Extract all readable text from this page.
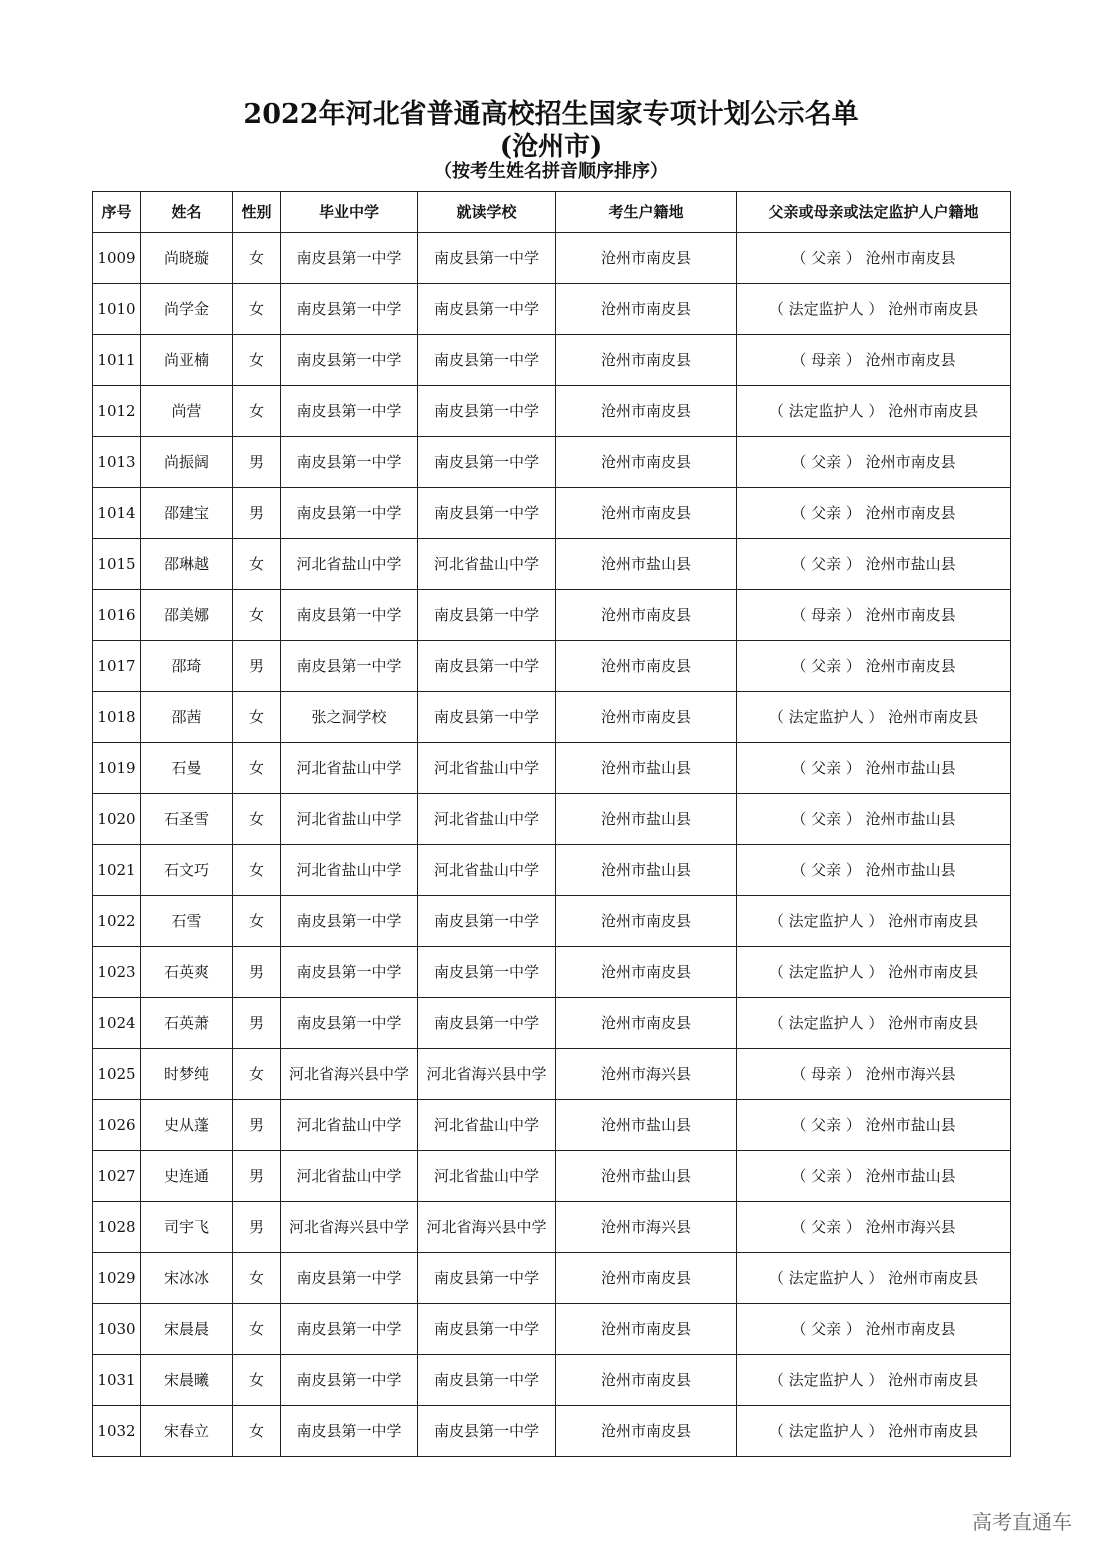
2022年河北省普通高校招生国家专项计划公示名单
(沧州市)
（按考生姓名拼音顺序排序）
序号	姓名	性别	毕业中学	就读学校	考生户籍地	父亲或母亲或法定监护人户籍地
1009	尚晓璇	女	南皮县第一中学	南皮县第一中学	沧州市南皮县	（ 父亲 ） 沧州市南皮县
1010	尚学金	女	南皮县第一中学	南皮县第一中学	沧州市南皮县	（ 法定监护人 ） 沧州市南皮县
1011	尚亚楠	女	南皮县第一中学	南皮县第一中学	沧州市南皮县	（ 母亲 ） 沧州市南皮县
1012	尚营	女	南皮县第一中学	南皮县第一中学	沧州市南皮县	（ 法定监护人 ） 沧州市南皮县
1013	尚振阔	男	南皮县第一中学	南皮县第一中学	沧州市南皮县	（ 父亲 ） 沧州市南皮县
1014	邵建宝	男	南皮县第一中学	南皮县第一中学	沧州市南皮县	（ 父亲 ） 沧州市南皮县
1015	邵琳越	女	河北省盐山中学	河北省盐山中学	沧州市盐山县	（ 父亲 ） 沧州市盐山县
1016	邵美娜	女	南皮县第一中学	南皮县第一中学	沧州市南皮县	（ 母亲 ） 沧州市南皮县
1017	邵琦	男	南皮县第一中学	南皮县第一中学	沧州市南皮县	（ 父亲 ） 沧州市南皮县
1018	邵茜	女	张之洞学校	南皮县第一中学	沧州市南皮县	（ 法定监护人 ） 沧州市南皮县
1019	石曼	女	河北省盐山中学	河北省盐山中学	沧州市盐山县	（ 父亲 ） 沧州市盐山县
1020	石圣雪	女	河北省盐山中学	河北省盐山中学	沧州市盐山县	（ 父亲 ） 沧州市盐山县
1021	石文巧	女	河北省盐山中学	河北省盐山中学	沧州市盐山县	（ 父亲 ） 沧州市盐山县
1022	石雪	女	南皮县第一中学	南皮县第一中学	沧州市南皮县	（ 法定监护人 ） 沧州市南皮县
1023	石英爽	男	南皮县第一中学	南皮县第一中学	沧州市南皮县	（ 法定监护人 ） 沧州市南皮县
1024	石英萧	男	南皮县第一中学	南皮县第一中学	沧州市南皮县	（ 法定监护人 ） 沧州市南皮县
1025	时梦纯	女	河北省海兴县中学	河北省海兴县中学	沧州市海兴县	（ 母亲 ） 沧州市海兴县
1026	史从蓬	男	河北省盐山中学	河北省盐山中学	沧州市盐山县	（ 父亲 ） 沧州市盐山县
1027	史连通	男	河北省盐山中学	河北省盐山中学	沧州市盐山县	（ 父亲 ） 沧州市盐山县
1028	司宇飞	男	河北省海兴县中学	河北省海兴县中学	沧州市海兴县	（ 父亲 ） 沧州市海兴县
1029	宋冰冰	女	南皮县第一中学	南皮县第一中学	沧州市南皮县	（ 法定监护人 ） 沧州市南皮县
1030	宋晨晨	女	南皮县第一中学	南皮县第一中学	沧州市南皮县	（ 父亲 ） 沧州市南皮县
1031	宋晨曦	女	南皮县第一中学	南皮县第一中学	沧州市南皮县	（ 法定监护人 ） 沧州市南皮县
1032	宋春立	女	南皮县第一中学	南皮县第一中学	沧州市南皮县	（ 法定监护人 ） 沧州市南皮县
高考直通车
